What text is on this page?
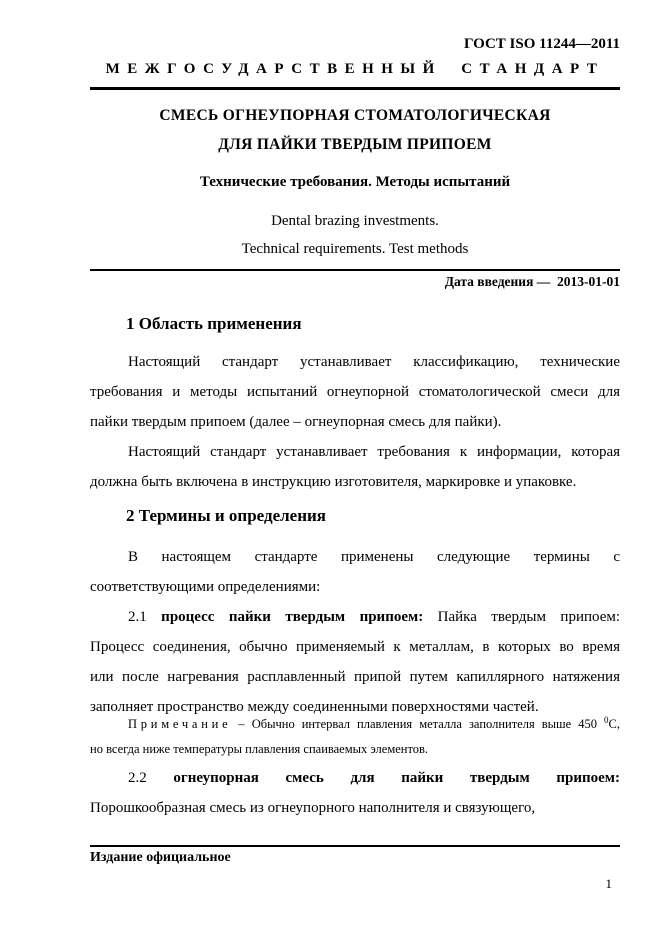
ГОСТ ISO 11244—2011
МЕЖГОСУДАРСТВЕННЫЙ СТАНДАРТ
СМЕСЬ ОГНЕУПОРНАЯ СТОМАТОЛОГИЧЕСКАЯ
ДЛЯ ПАЙКИ ТВЕРДЫМ ПРИПОЕМ
Технические требования. Методы испытаний
Dental brazing investments.
Technical requirements. Test methods
Дата введения —  2013-01-01
1 Область применения
Настоящий стандарт устанавливает классификацию, технические
требования и методы испытаний огнеупорной стоматологической смеси для
пайки твердым припоем (далее – огнеупорная смесь для пайки).
Настоящий стандарт устанавливает требования к информации, которая
должна быть включена в инструкцию изготовителя, маркировке и упаковке.
2 Термины и определения
В настоящем стандарте применены следующие термины с
соответствующими определениями:
2.1 процесс пайки твердым припоем: Пайка твердым припоем:
Процесс соединения, обычно применяемый к металлам, в которых во время
или после нагревания расплавленный припой путем капиллярного натяжения
заполняет пространство между соединенными поверхностями частей.
Примечание – Обычно интервал плавления металла заполнителя выше 450 $^0$С,
но всегда ниже температуры плавления спаиваемых элементов.
2.2 огнеупорная смесь для пайки твердым припоем:
Порошкообразная смесь из огнеупорного наполнителя и связующего,
Издание официальное
1
